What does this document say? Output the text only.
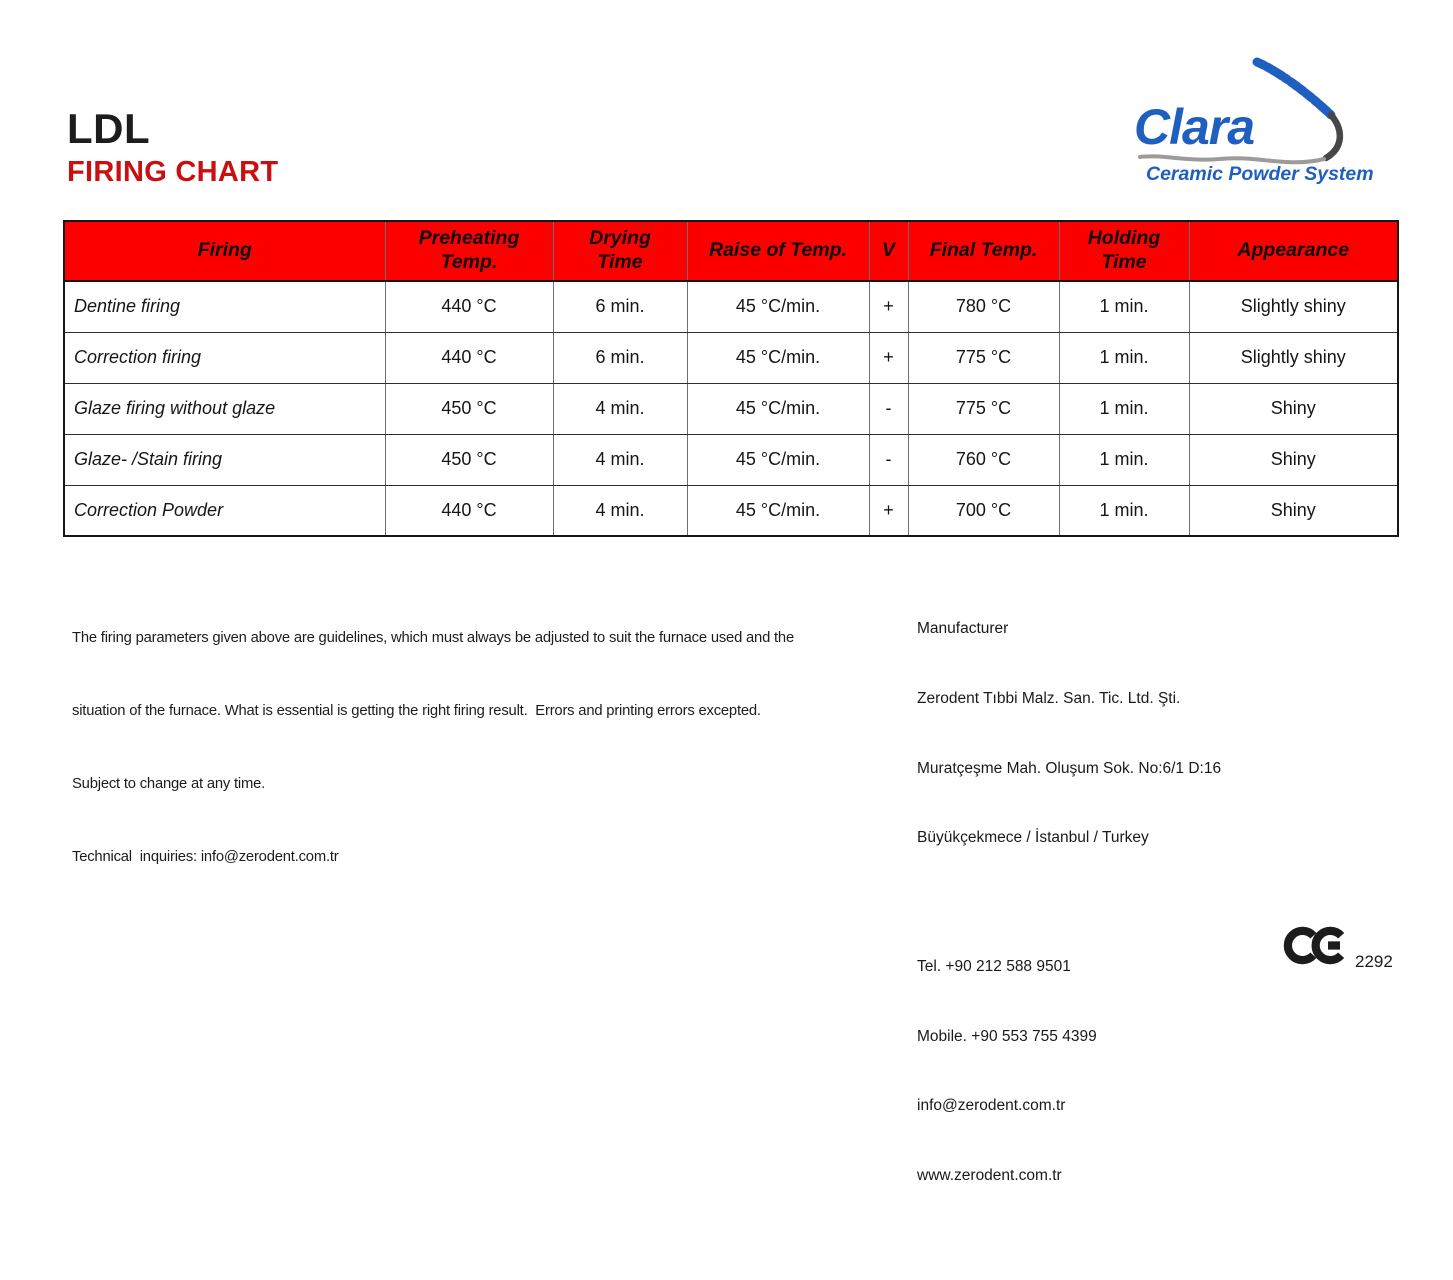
LDL
FIRING CHART
Clara
Ceramic Powder System
Firing	Preheating Temp.	Drying Time	Raise of Temp.	V	Final Temp.	Holding Time	Appearance
Dentine firing	440 °C	6 min.	45 °C/min.	+	780 °C	1 min.	Slightly shiny
Correction firing	440 °C	6 min.	45 °C/min.	+	775 °C	1 min.	Slightly shiny
Glaze firing without glaze	450 °C	4 min.	45 °C/min.	-	775 °C	1 min.	Shiny
Glaze- /Stain firing	450 °C	4 min.	45 °C/min.	-	760 °C	1 min.	Shiny
Correction Powder	440 °C	4 min.	45 °C/min.	+	700 °C	1 min.	Shiny

The firing parameters given above are guidelines, which must always be adjusted to suit the furnace used and the

situation of the furnace. What is essential is getting the right firing result.  Errors and printing errors excepted.

Subject to change at any time.

Technical  inquiries: info@zerodent.com.tr

Manufacturer

Zerodent Tıbbi Malz. San. Tic. Ltd. Şti.

Muratçeşme Mah. Oluşum Sok. No:6/1 D:16

Büyükçekmece / İstanbul / Turkey

Tel. +90 212 588 9501

Mobile. +90 553 755 4399

info@zerodent.com.tr

www.zerodent.com.tr

2292
